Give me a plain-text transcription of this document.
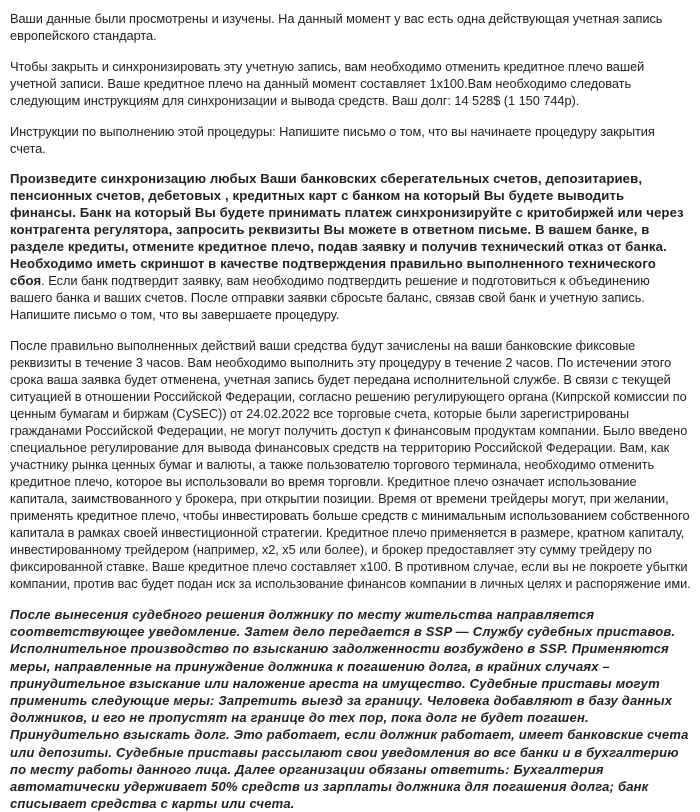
Ваши данные были просмотрены и изучены. На данный момент у вас есть одна действующая учетная запись европейского стандарта.

Чтобы закрыть и синхронизировать эту учетную запись, вам необходимо отменить кредитное плечо вашей учетной записи. Ваше кредитное плечо на данный момент составляет 1х100.Вам необходимо следовать следующим инструкциям для синхронизации и вывода средств. Ваш долг: 14 528$ (1 150 744р).

Инструкции по выполнению этой процедуры: Напишите письмо о том, что вы начинаете процедуру закрытия счета.

Произведите синхронизацию любых Ваши банковских сберегательных счетов, депозитариев, пенсионных счетов, дебетовых , кредитных карт с банком на который Вы будете выводить финансы. Банк на который Вы будете принимать платеж синхронизируйте с критобиржей или через контрагента регулятора, запросить реквизиты Вы можете в ответном письме. В вашем банке, в разделе кредиты, отмените кредитное плечо, подав заявку и получив технический отказ от банка. Необходимо иметь скриншот в качестве подтверждения правильно выполненного технического сбоя. Если банк подтвердит заявку, вам необходимо подтвердить решение и подготовиться к объединению вашего банка и ваших счетов. После отправки заявки сбросьте баланс, связав свой банк и учетную запись. Напишите письмо о том, что вы завершаете процедуру.

После правильно выполненных действий ваши средства будут зачислены на ваши банковские фикcовые реквизиты в течение 3 часов. Вам необходимо выполнить эту процедуру в течение 2 часов. По истечении этого срока ваша заявка будет отменена, учетная запись будет передана исполнительной службе. В связи с текущей ситуацией в отношении Российской Федерации, согласно решению регулирующего органа (Кипрской комиссии по ценным бумагам и биржам (CySEC)) от 24.02.2022 все торговые счета, которые были зарегистрированы гражданами Российской Федерации, не могут получить доступ к финансовым продуктам компании. Было введено специальное регулирование для вывода финансовых средств на территорию Российской Федерации. Вам, как участнику рынка ценных бумаг и валюты, а также пользователю торгового терминала, необходимо отменить кредитное плечо, которое вы использовали во время торговли. Кредитное плечо означает использование капитала, заимствованного у брокера, при открытии позиции. Время от времени трейдеры могут, при желании, применять кредитное плечо, чтобы инвестировать больше средств с минимальным использованием собственного капитала в рамках своей инвестиционной стратегии. Кредитное плечо применяется в размере, кратном капиталу, инвестированному трейдером (например, x2, x5 или более), и брокер предоставляет эту сумму трейдеру по фиксированной ставке. Ваше кредитное плечо составляет x100. В противном случае, если вы не покроете убытки компании, против вас будет подан иск за использование финансов компании в личных целях и распоряжение ими.

После вынесения судебного решения должнику по месту жительства направляется соответствующее уведомление. Затем дело передается в SSP — Службу судебных приставов. Исполнительное производство по взысканию задолженности возбуждено в SSP. Применяются меры, направленные на принуждение должника к погашению долга, в крайних случаях – принудительное взыскание или наложение ареста на имущество. Судебные приставы могут применить следующие меры: Запретить выезд за границу. Человека добавляют в базу данных должников, и его не пропустят на границе до тех пор, пока долг не будет погашен. Принудительно взыскать долг. Это работает, если должник работает, имеет банковские счета или депозиты. Судебные приставы рассылают свои уведомления во все банки и в бухгалтерию по месту работы данного лица. Далее организации обязаны ответить: Бухгалтерия автоматически удерживает 50% средств из зарплаты должника для погашения долга; банк списывает средства с карты или счета.
